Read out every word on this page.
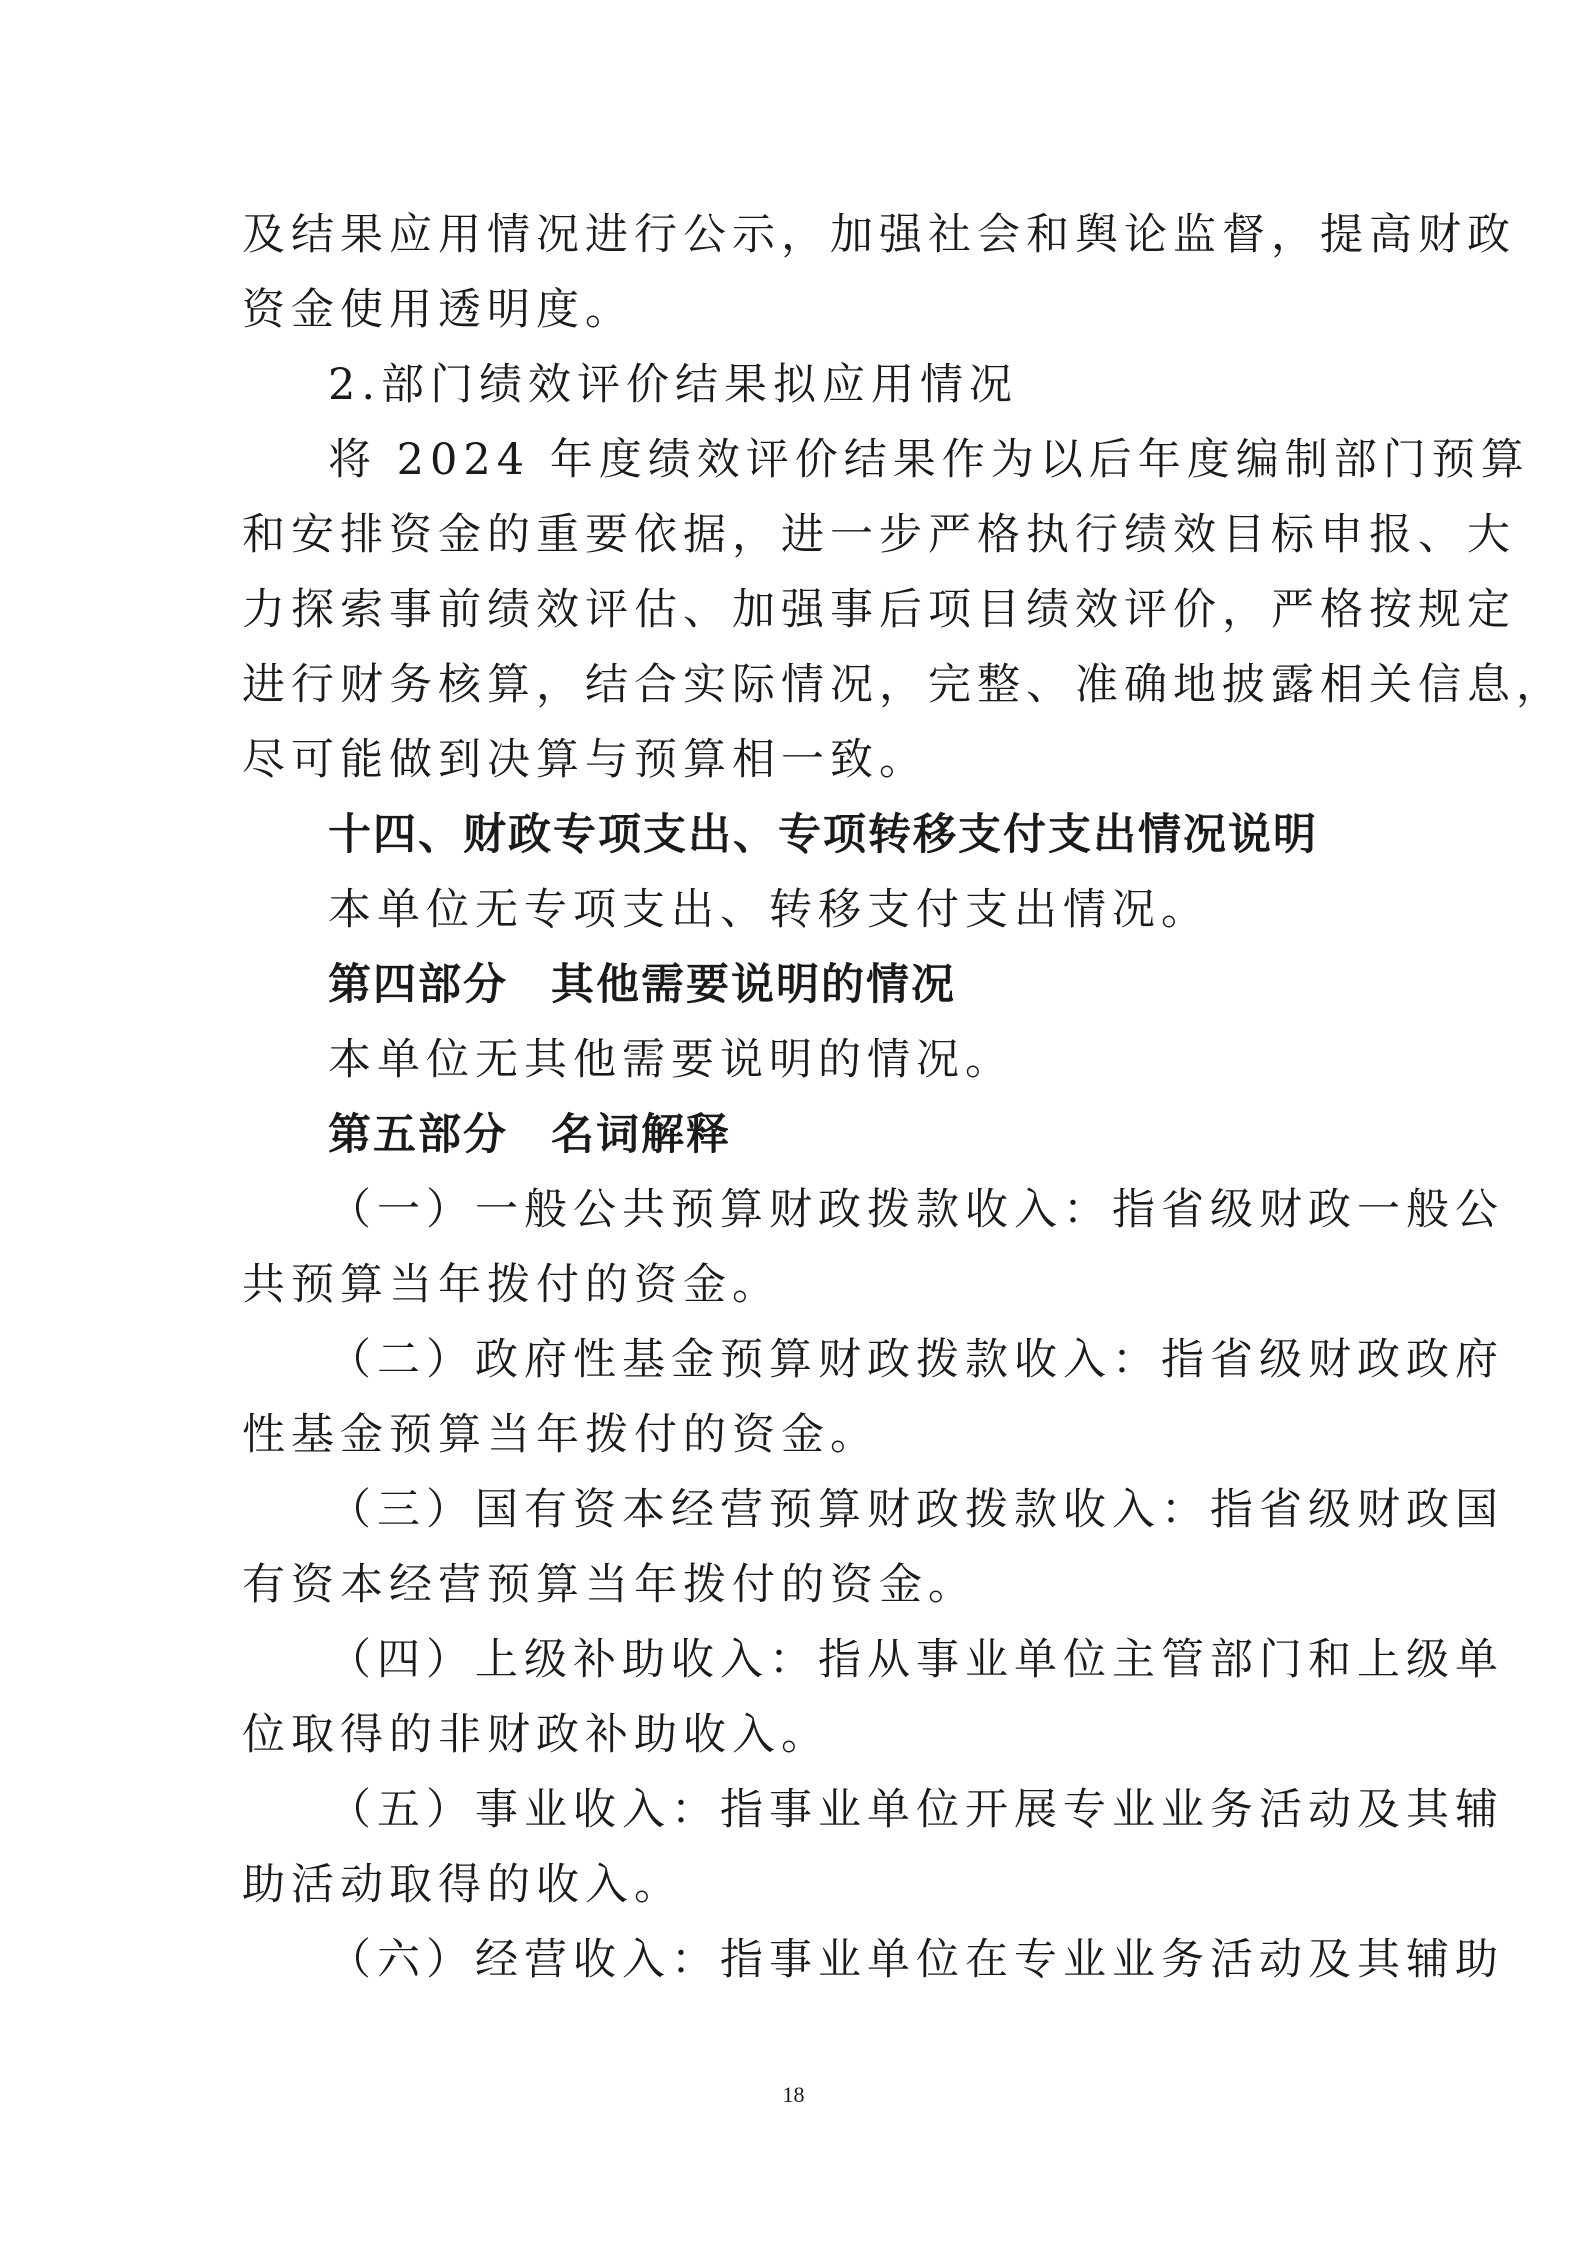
及结果应用情况进行公示，加强社会和舆论监督，提高财政

资金使用透明度。

2.部门绩效评价结果拟应用情况

将 2024 年度绩效评价结果作为以后年度编制部门预算

和安排资金的重要依据，进一步严格执行绩效目标申报、大

力探索事前绩效评估、加强事后项目绩效评价，严格按规定

进行财务核算，结合实际情况，完整、准确地披露相关信息，

尽可能做到决算与预算相一致。

十四、财政专项支出、专项转移支付支出情况说明

本单位无专项支出、转移支付支出情况。

第四部分 其他需要说明的情况

本单位无其他需要说明的情况。

第五部分 名词解释

（一）一般公共预算财政拨款收入：指省级财政一般公

共预算当年拨付的资金。

（二）政府性基金预算财政拨款收入：指省级财政政府

性基金预算当年拨付的资金。

（三）国有资本经营预算财政拨款收入：指省级财政国

有资本经营预算当年拨付的资金。

（四）上级补助收入：指从事业单位主管部门和上级单

位取得的非财政补助收入。

（五）事业收入：指事业单位开展专业业务活动及其辅

助活动取得的收入。

（六）经营收入：指事业单位在专业业务活动及其辅助

18
